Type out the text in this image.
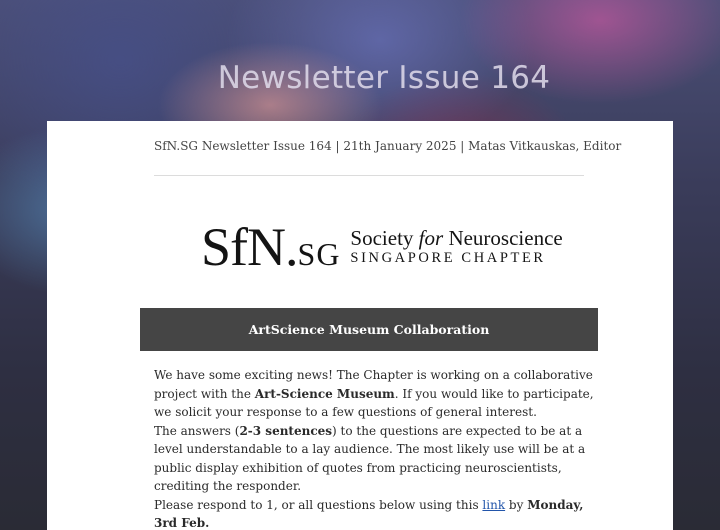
Newsletter Issue 164
SfN.SG Newsletter Issue 164 | 21th January 2025 | Matas Vitkauskas, Editor
SfN.SG Society for Neuroscience
SINGAPORE CHAPTER
ArtScience Museum Collaboration

We have some exciting news! The Chapter is working on a collaborative project with the Art-Science Museum. If you would like to participate, we solicit your response to a few questions of general interest.

The answers (2-3 sentences) to the questions are expected to be at a level understandable to a lay audience. The most likely use will be at a public display exhibition of quotes from practicing neuroscientists, crediting the responder.

Please respond to 1, or all questions below using this link by Monday, 3rd Feb.
